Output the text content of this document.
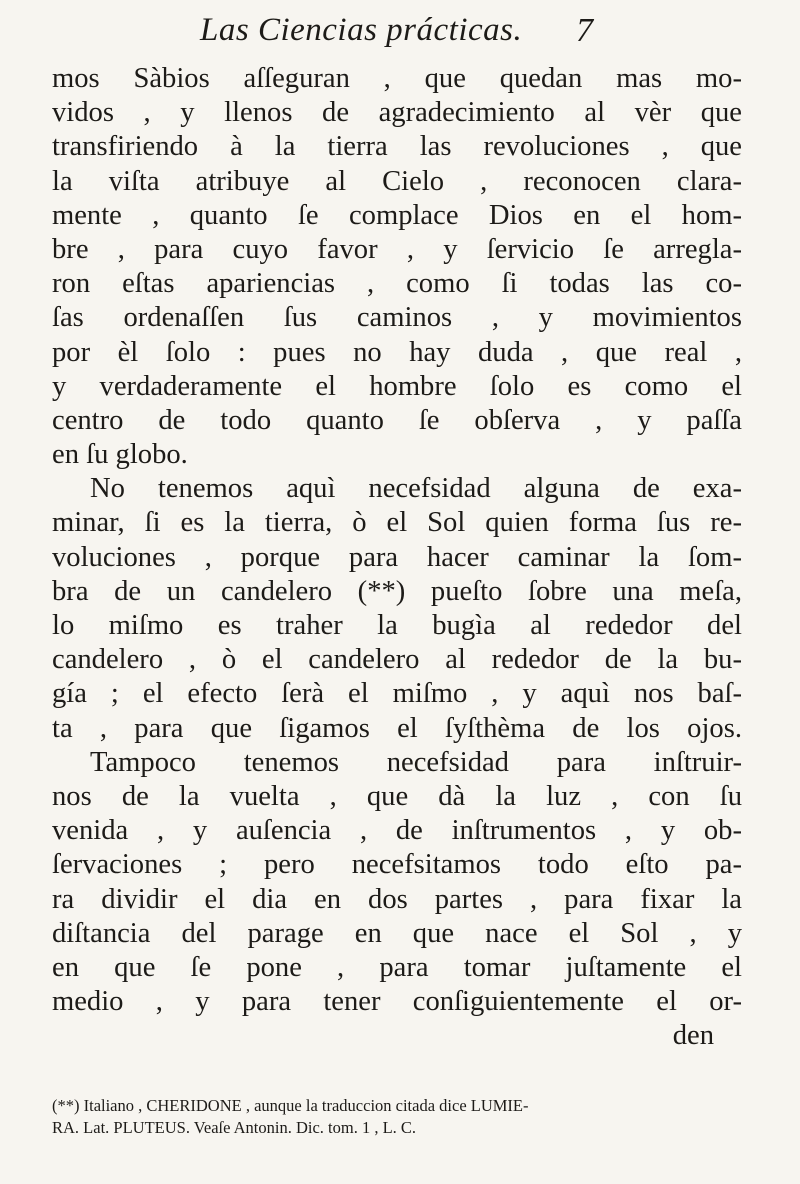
Las Ciencias prácticas. 7
mos Sàbios aſſeguran , que quedan mas mo-
vidos , y llenos de agradecimiento al vèr que
transfiriendo à la tierra las revoluciones , que
la viſta atribuye al Cielo , reconocen clara-
mente , quanto ſe complace Dios en el hom-
bre , para cuyo favor , y ſervicio ſe arregla-
ron eſtas apariencias , como ſi todas las co-
ſas ordenaſſen ſus caminos , y movimientos
por èl ſolo : pues no hay duda , que real ,
y verdaderamente el hombre ſolo es como el
centro de todo quanto ſe obſerva , y paſſa
en ſu globo.
No tenemos aquì necefsidad alguna de exa-
minar, ſi es la tierra, ò el Sol quien forma ſus re-
voluciones , porque para hacer caminar la ſom-
bra de un candelero (**) pueſto ſobre una meſa,
lo miſmo es traher la bugìa al rededor del
candelero , ò el candelero al rededor de la bu-
gía ; el efecto ſerà el miſmo , y aquì nos baſ-
ta , para que ſigamos el ſyſthèma de los ojos.
Tampoco tenemos necefsidad para inſtruir-
nos de la vuelta , que dà la luz , con ſu
venida , y auſencia , de inſtrumentos , y ob-
ſervaciones ; pero necefsitamos todo eſto pa-
ra dividir el dia en dos partes , para fixar la
diſtancia del parage en que nace el Sol , y
en que ſe pone , para tomar juſtamente el
medio , y para tener conſiguientemente el or-
den
(**) Italiano , CHERIDONE , aunque la traduccion citada dice LUMIE-
RA. Lat. PLUTEUS. Veaſe Antonin. Dic. tom. 1 , L. C.
